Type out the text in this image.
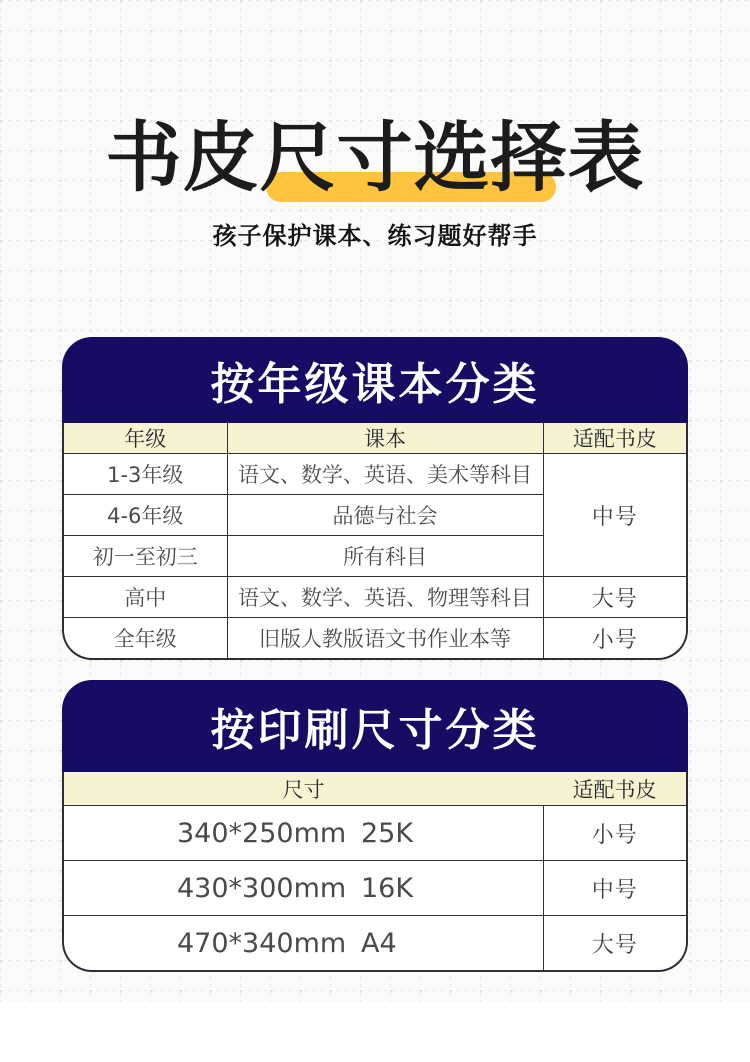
书皮尺寸选择表

孩子保护课本、练习题好帮手

按年级课本分类
年级	课本	适配书皮
1-3年级	语文、数学、英语、美术等科目	中号
4-6年级	品德与社会	
初一至初三	所有科目	
高中	语文、数学、英语、物理等科目	大号
全年级	旧版人教版语文书作业本等	小号
按印刷尺寸分类
尺寸	适配书皮

340*250mm 25K	小号

430*300mm 16K	中号

470*340mm A4	大号
